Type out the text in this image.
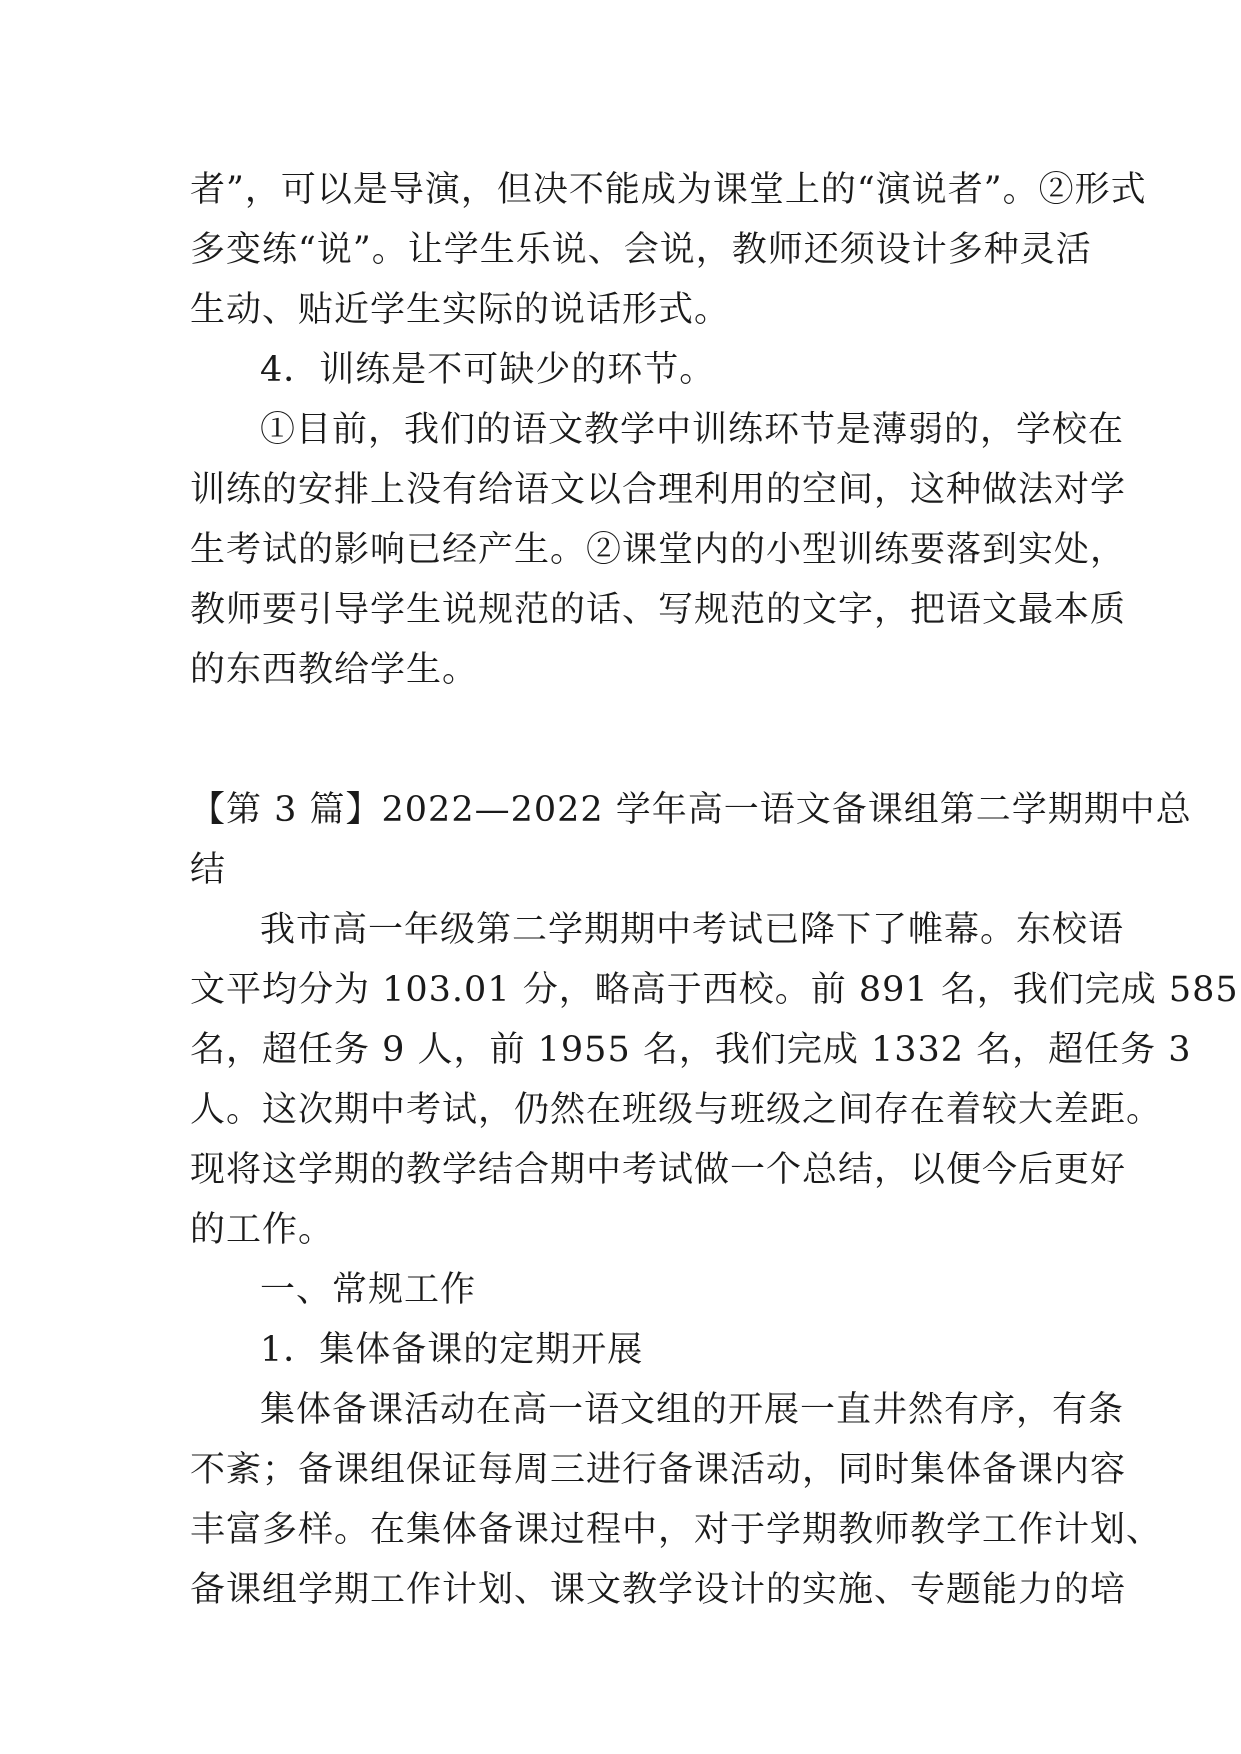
者”，可以是导演，但决不能成为课堂上的“演说者”。②形式
多变练“说”。让学生乐说、会说，教师还须设计多种灵活
生动、贴近学生实际的说话形式。
4．训练是不可缺少的环节。
①目前，我们的语文教学中训练环节是薄弱的，学校在
训练的安排上没有给语文以合理利用的空间，这种做法对学
生考试的影响已经产生。②课堂内的小型训练要落到实处，
教师要引导学生说规范的话、写规范的文字，把语文最本质
的东西教给学生。
【第 3 篇】2022—2022 学年高一语文备课组第二学期期中总
结
我市高一年级第二学期期中考试已降下了帷幕。东校语
文平均分为 103.01 分，略高于西校。前 891 名，我们完成 585
名，超任务 9 人，前 1955 名，我们完成 1332 名，超任务 3
人。这次期中考试，仍然在班级与班级之间存在着较大差距。
现将这学期的教学结合期中考试做一个总结，以便今后更好
的工作。
一、常规工作
1．集体备课的定期开展
集体备课活动在高一语文组的开展一直井然有序，有条
不紊；备课组保证每周三进行备课活动，同时集体备课内容
丰富多样。在集体备课过程中，对于学期教师教学工作计划、
备课组学期工作计划、课文教学设计的实施、专题能力的培
